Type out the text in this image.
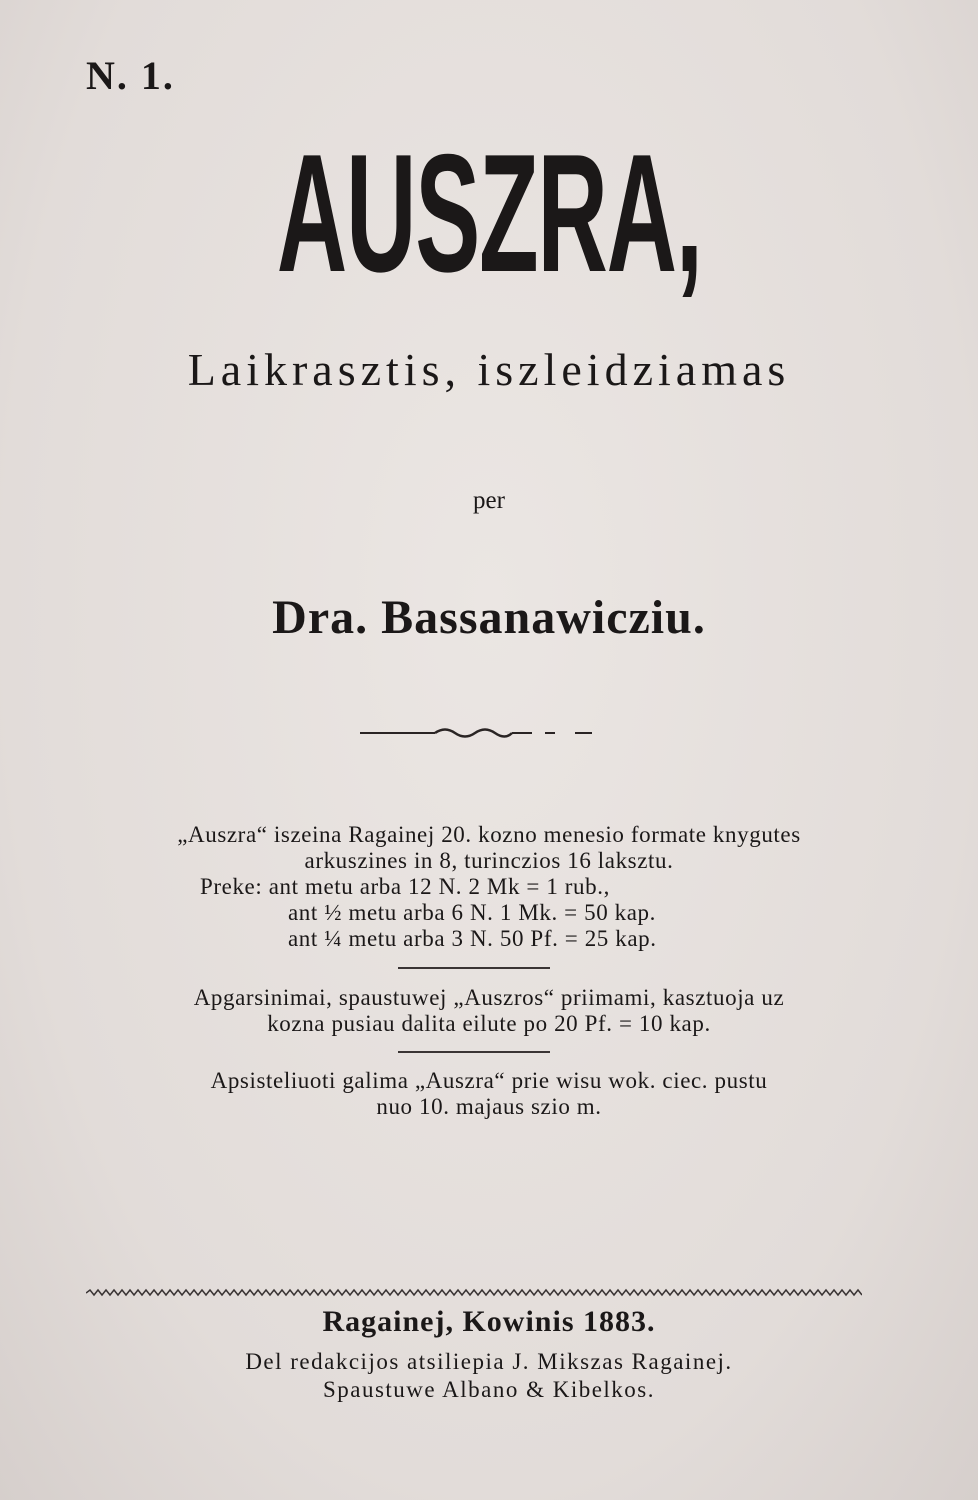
N. 1.
AUSZRA,
Laikrasztis, iszleidziamas
per
Dra. Bassanawicziu.
„Auszra“ iszeina Ragainej 20. kozno menesio formate knygutes
arkuszines in 8, turinczios 16 laksztu.
Preke: ant metu arba 12 N. 2 Mk = 1 rub.,
ant ½ metu arba 6 N. 1 Mk. = 50 kap.
ant ¼ metu arba 3 N. 50 Pf. = 25 kap.
Apgarsinimai, spaustuwej „Auszros“ priimami, kasztuoja uz
kozna pusiau dalita eilute po 20 Pf. = 10 kap.
Apsisteliuoti galima „Auszra“ prie wisu wok. ciec. pustu
nuo 10. majaus szio m.
Ragainej, Kowinis 1883.
Del redakcijos atsiliepia J. Mikszas Ragainej.
Spaustuwe Albano & Kibelkos.
